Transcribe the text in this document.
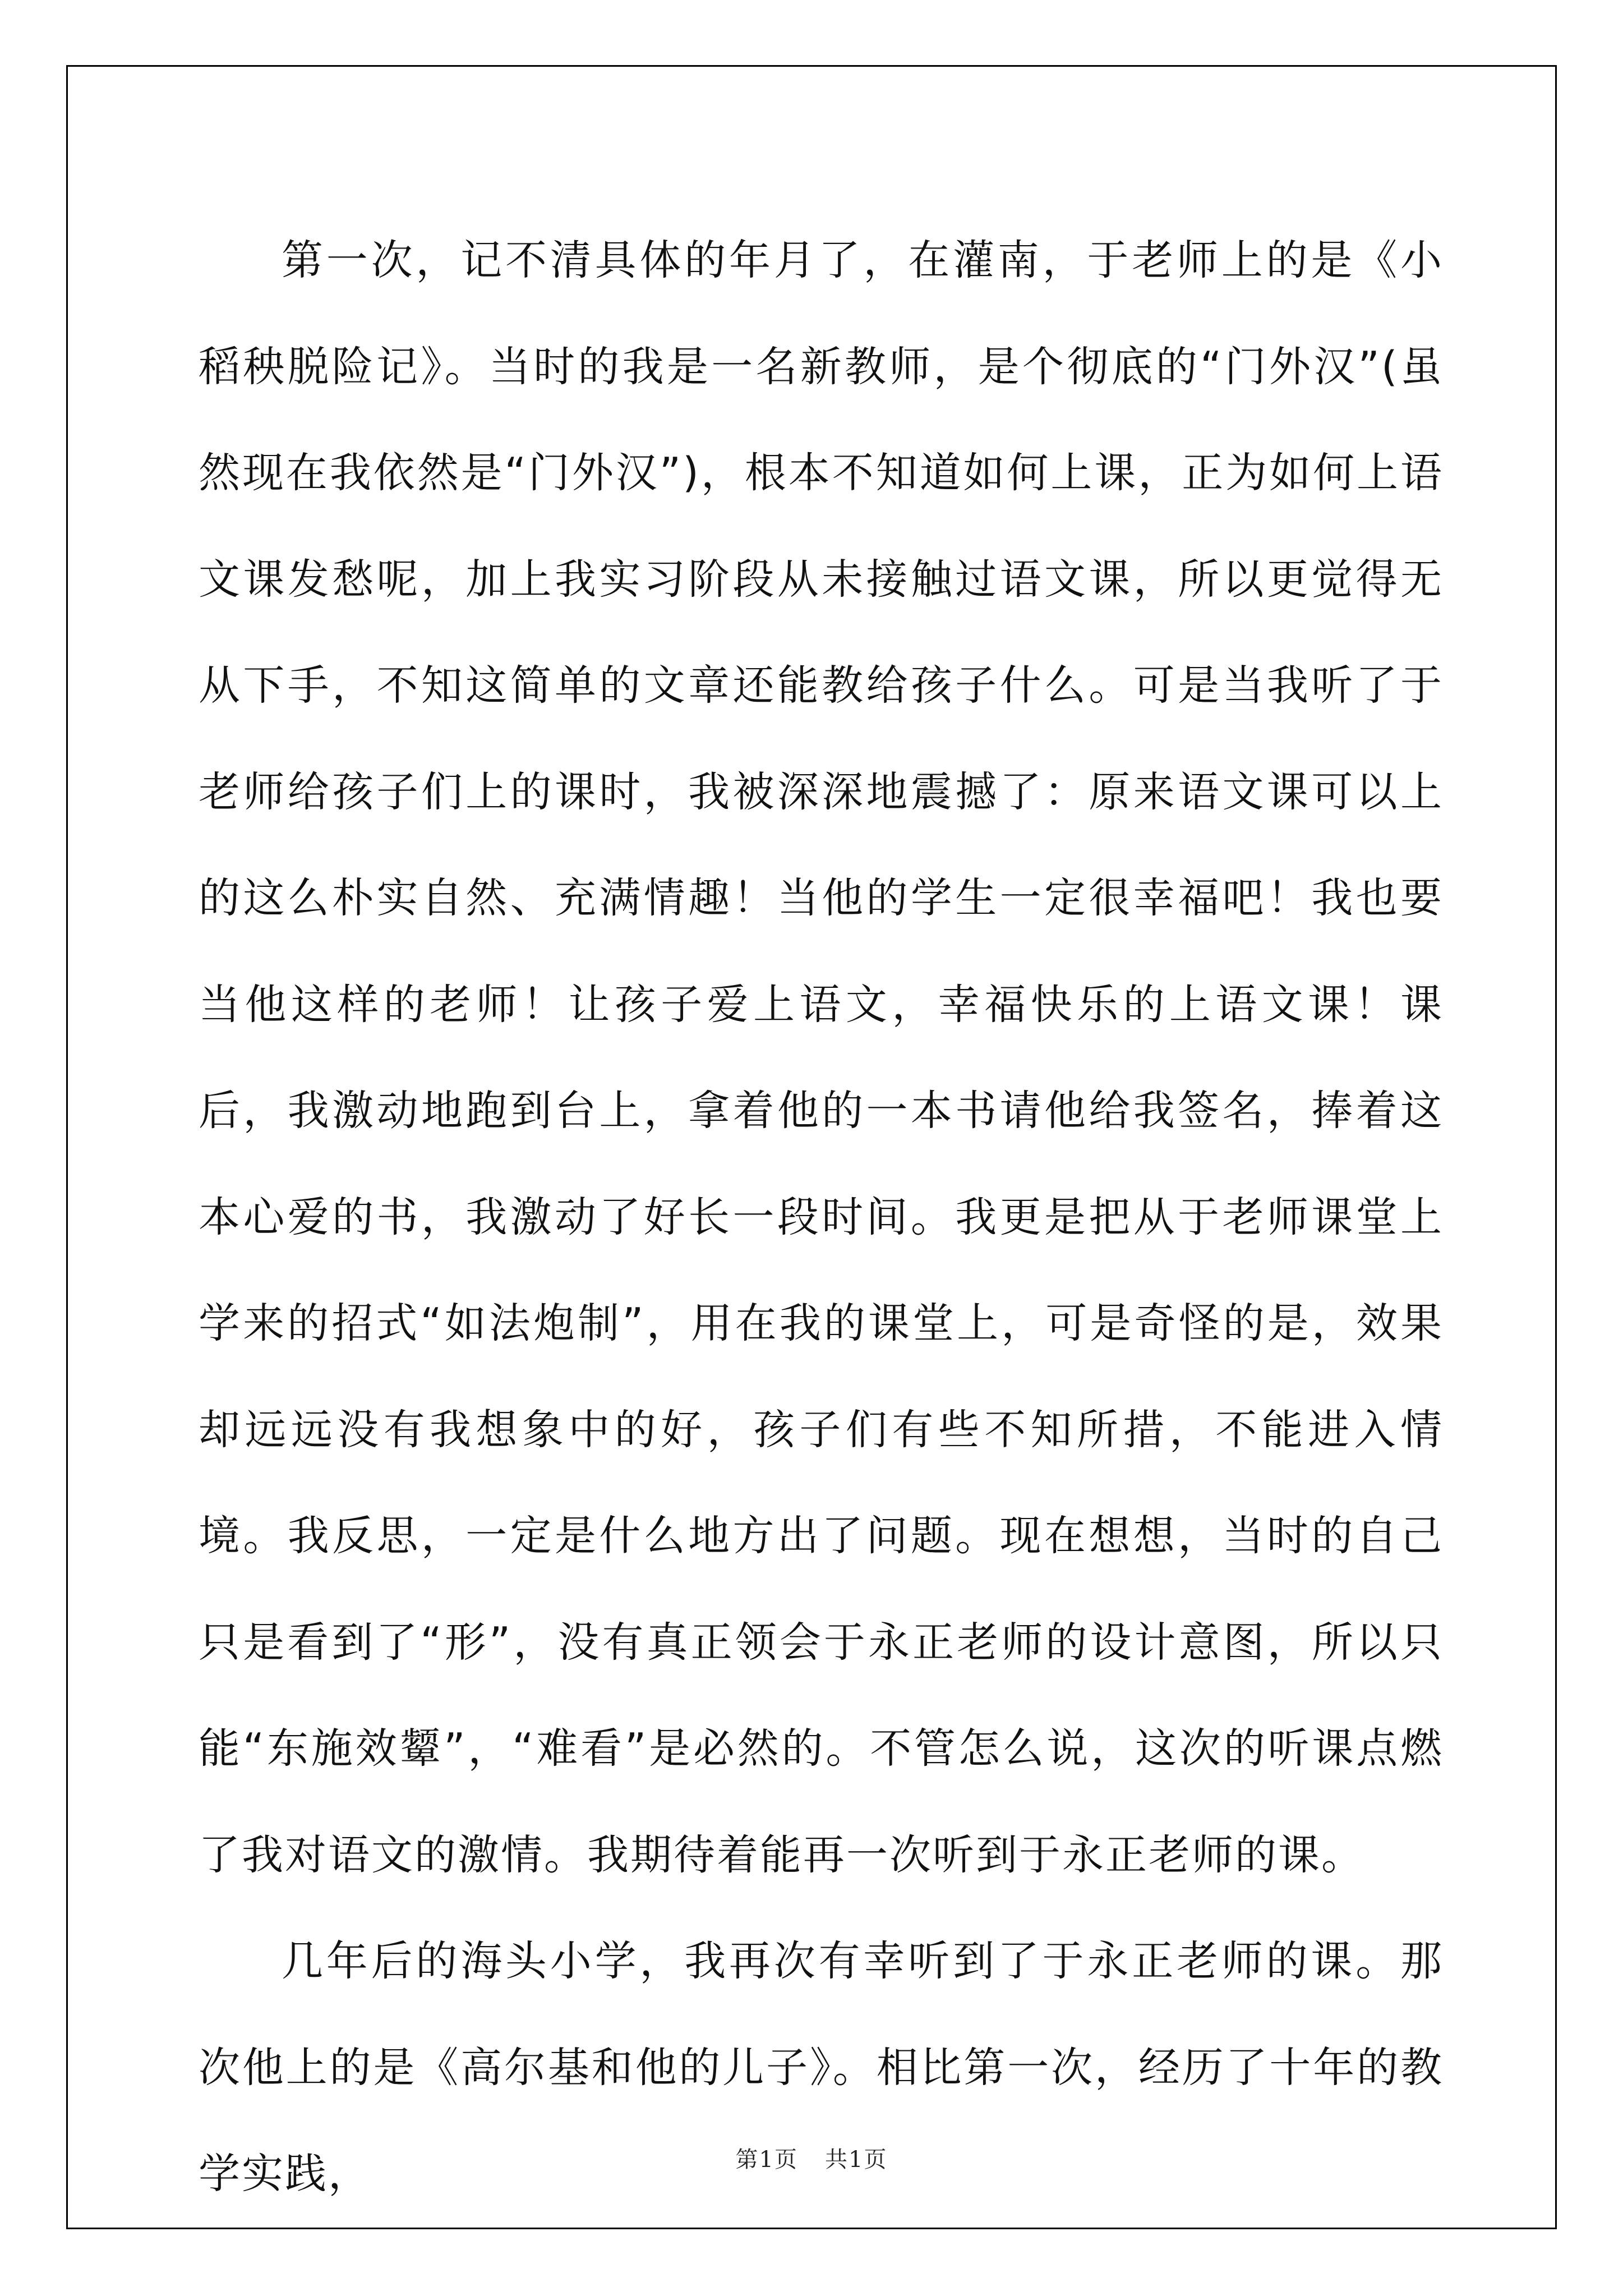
第一次，记不清具体的年月了，在灌南，于老师上的是《小稻秧脱险记》。当时的我是一名新教师，是个彻底的“门外汉”(虽然现在我依然是“门外汉”)，根本不知道如何上课，正为如何上语文课发愁呢，加上我实习阶段从未接触过语文课，所以更觉得无从下手，不知这简单的文章还能教给孩子什么。可是当我听了于老师给孩子们上的课时，我被深深地震撼了：原来语文课可以上的这么朴实自然、充满情趣！当他的学生一定很幸福吧！我也要当他这样的老师！让孩子爱上语文，幸福快乐的上语文课！课后，我激动地跑到台上，拿着他的一本书请他给我签名，捧着这本心爱的书，我激动了好长一段时间。我更是把从于老师课堂上学来的招式“如法炮制”，用在我的课堂上，可是奇怪的是，效果却远远没有我想象中的好，孩子们有些不知所措，不能进入情境。我反思，一定是什么地方出了问题。现在想想，当时的自己只是看到了“形”，没有真正领会于永正老师的设计意图，所以只能“东施效颦”，“难看”是必然的。不管怎么说，这次的听课点燃了我对语文的激情。我期待着能再一次听到于永正老师的课。

几年后的海头小学，我再次有幸听到了于永正老师的课。那次他上的是《高尔基和他的儿子》。相比第一次，经历了十年的教学实践，	第1页 共1页
